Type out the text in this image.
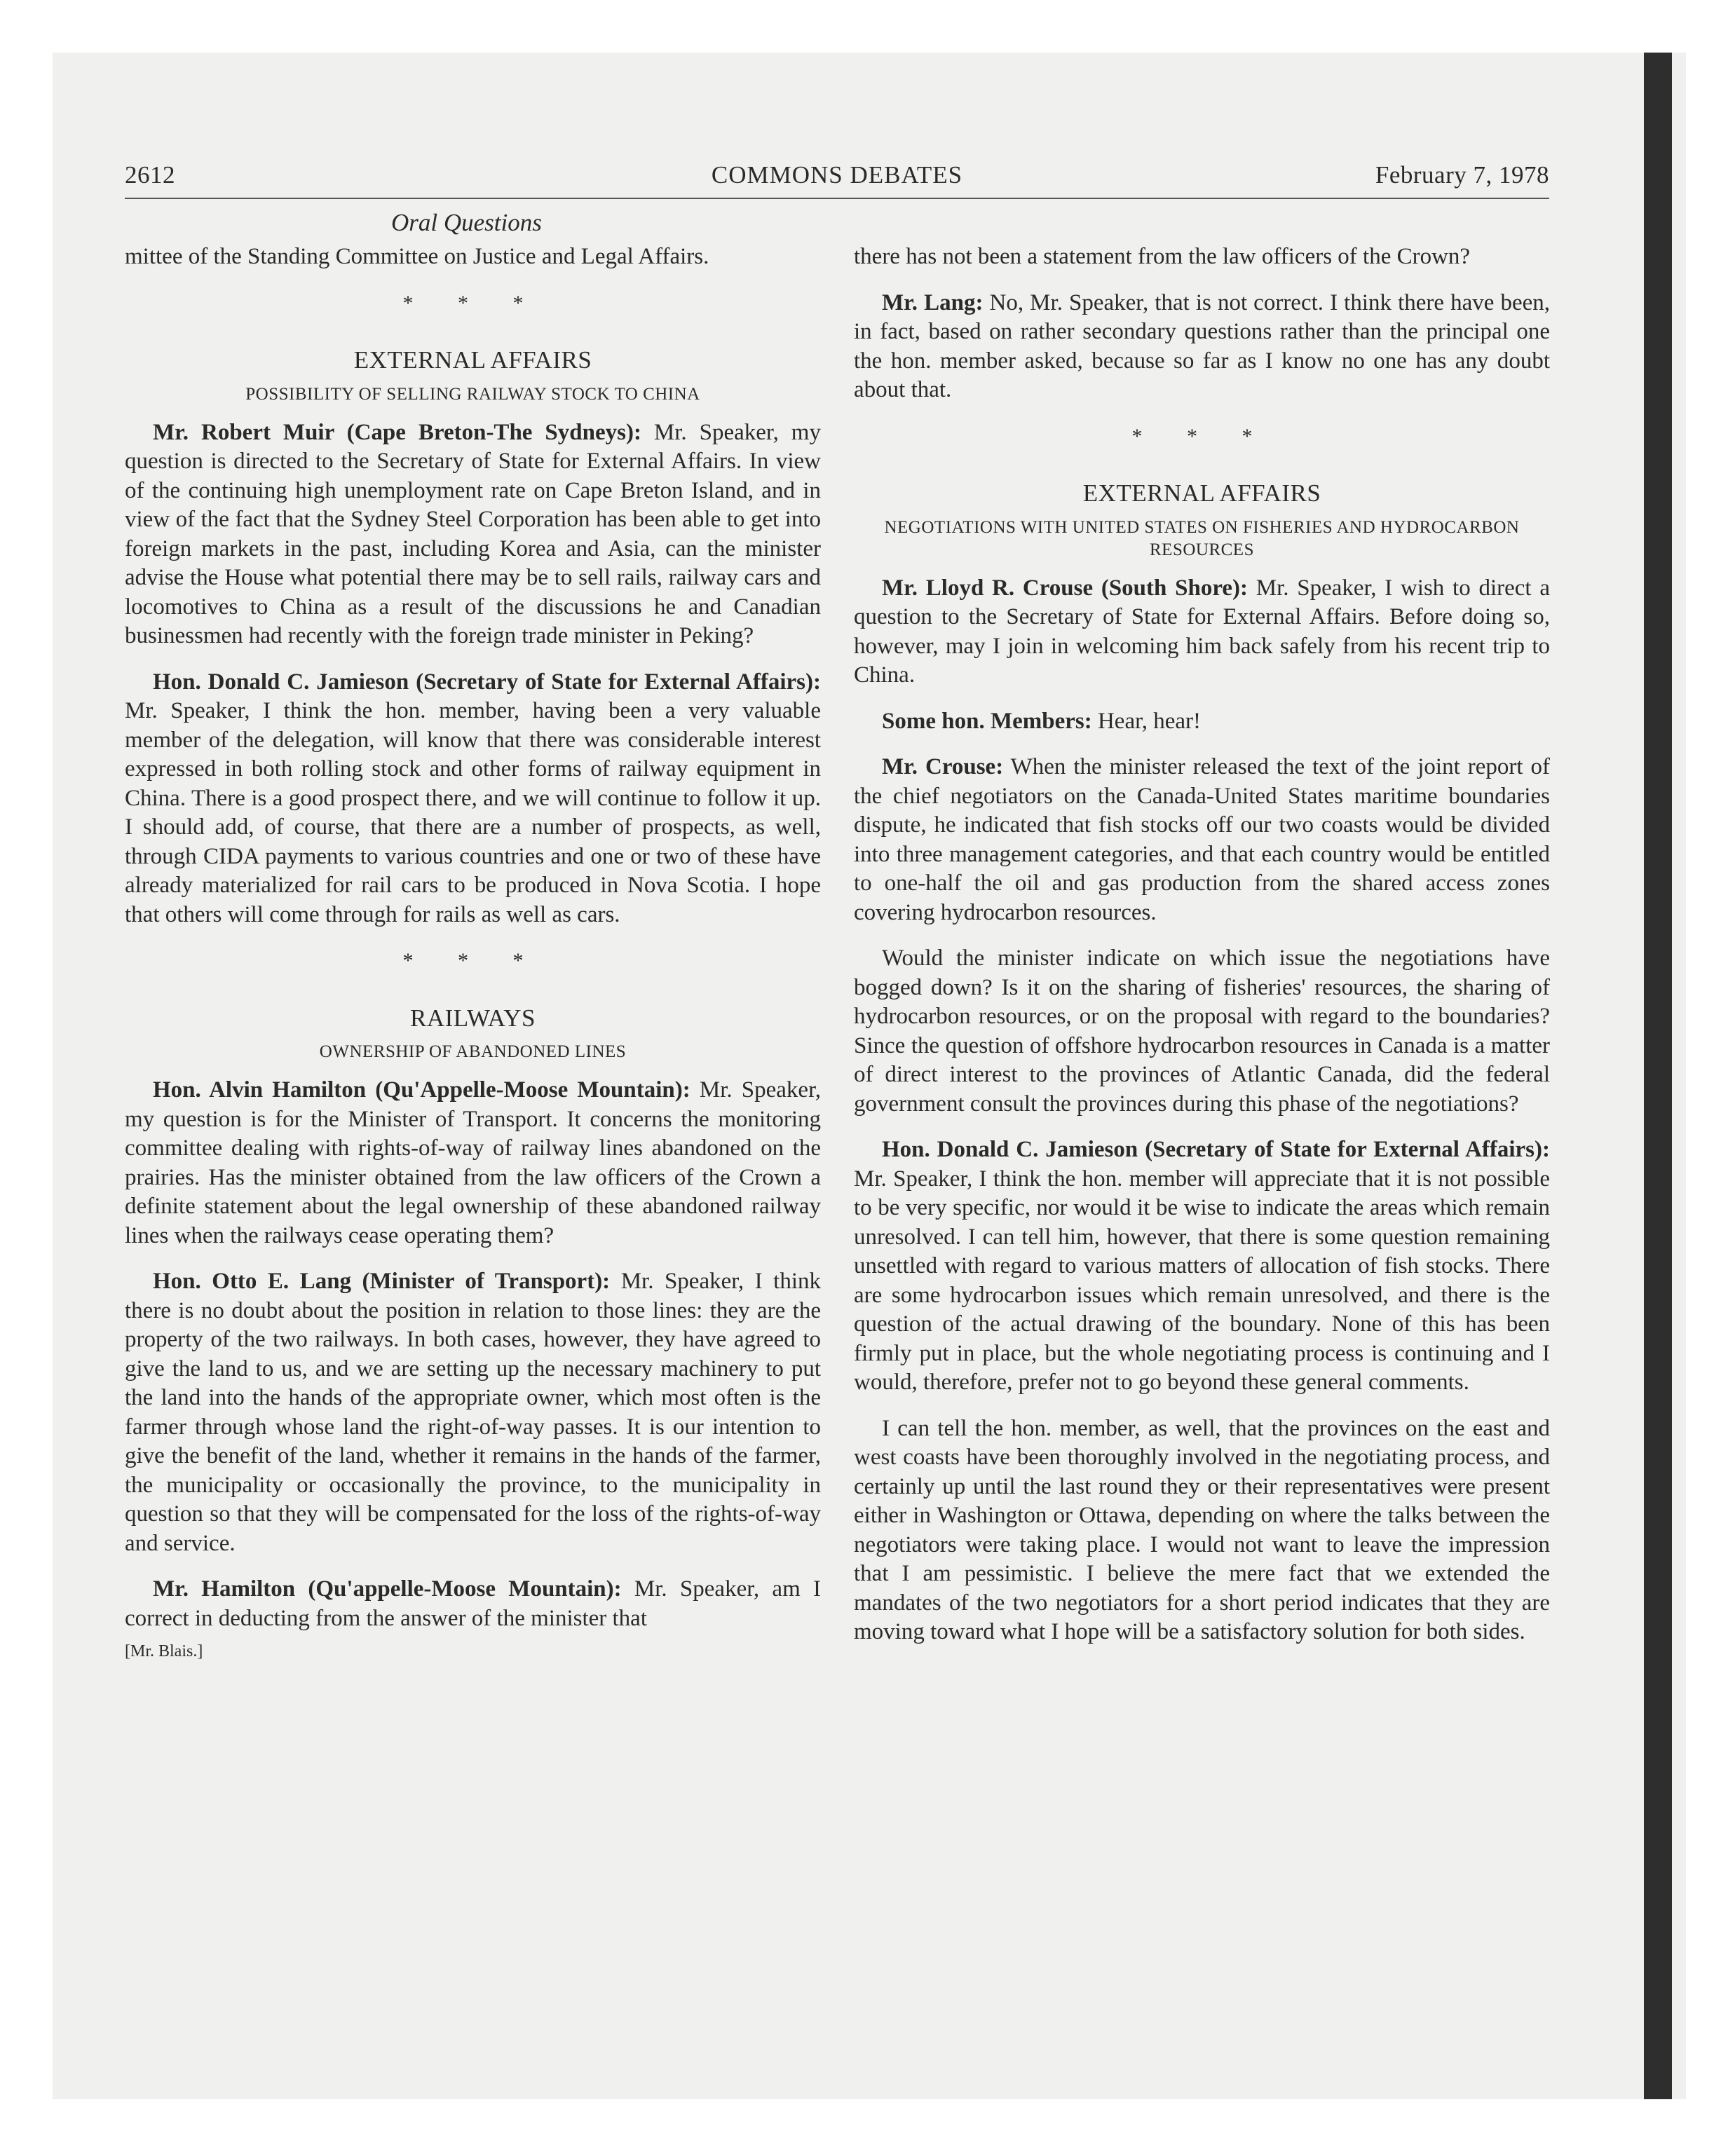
2612	COMMONS DEBATES	February 7, 1978
Oral Questions

mittee of the Standing Committee on Justice and Legal Affairs.

* * *
EXTERNAL AFFAIRS
POSSIBILITY OF SELLING RAILWAY STOCK TO CHINA

Mr. Robert Muir (Cape Breton-The Sydneys): Mr. Speaker, my question is directed to the Secretary of State for External Affairs. In view of the continuing high unemployment rate on Cape Breton Island, and in view of the fact that the Sydney Steel Corporation has been able to get into foreign markets in the past, including Korea and Asia, can the minister advise the House what potential there may be to sell rails, railway cars and locomotives to China as a result of the discussions he and Canadian businessmen had recently with the foreign trade minister in Peking?

Hon. Donald C. Jamieson (Secretary of State for External Affairs): Mr. Speaker, I think the hon. member, having been a very valuable member of the delegation, will know that there was considerable interest expressed in both rolling stock and other forms of railway equipment in China. There is a good prospect there, and we will continue to follow it up. I should add, of course, that there are a number of prospects, as well, through CIDA payments to various countries and one or two of these have already materialized for rail cars to be produced in Nova Scotia. I hope that others will come through for rails as well as cars.

* * *
RAILWAYS
OWNERSHIP OF ABANDONED LINES

Hon. Alvin Hamilton (Qu'Appelle-Moose Mountain): Mr. Speaker, my question is for the Minister of Transport. It concerns the monitoring committee dealing with rights-of-way of railway lines abandoned on the prairies. Has the minister obtained from the law officers of the Crown a definite statement about the legal ownership of these abandoned railway lines when the railways cease operating them?

Hon. Otto E. Lang (Minister of Transport): Mr. Speaker, I think there is no doubt about the position in relation to those lines: they are the property of the two railways. In both cases, however, they have agreed to give the land to us, and we are setting up the necessary machinery to put the land into the hands of the appropriate owner, which most often is the farmer through whose land the right-of-way passes. It is our intention to give the benefit of the land, whether it remains in the hands of the farmer, the municipality or occasionally the province, to the municipality in question so that they will be compensated for the loss of the rights-of-way and service.

Mr. Hamilton (Qu'appelle-Moose Mountain): Mr. Speaker, am I correct in deducting from the answer of the minister that

[Mr. Blais.]

there has not been a statement from the law officers of the Crown?

Mr. Lang: No, Mr. Speaker, that is not correct. I think there have been, in fact, based on rather secondary questions rather than the principal one the hon. member asked, because so far as I know no one has any doubt about that.

* * *
EXTERNAL AFFAIRS
NEGOTIATIONS WITH UNITED STATES ON FISHERIES AND HYDROCARBON RESOURCES

Mr. Lloyd R. Crouse (South Shore): Mr. Speaker, I wish to direct a question to the Secretary of State for External Affairs. Before doing so, however, may I join in welcoming him back safely from his recent trip to China.

Some hon. Members: Hear, hear!

Mr. Crouse: When the minister released the text of the joint report of the chief negotiators on the Canada-United States maritime boundaries dispute, he indicated that fish stocks off our two coasts would be divided into three management categories, and that each country would be entitled to one-half the oil and gas production from the shared access zones covering hydrocarbon resources.

Would the minister indicate on which issue the negotiations have bogged down? Is it on the sharing of fisheries' resources, the sharing of hydrocarbon resources, or on the proposal with regard to the boundaries? Since the question of offshore hydrocarbon resources in Canada is a matter of direct interest to the provinces of Atlantic Canada, did the federal government consult the provinces during this phase of the negotiations?

Hon. Donald C. Jamieson (Secretary of State for External Affairs): Mr. Speaker, I think the hon. member will appreciate that it is not possible to be very specific, nor would it be wise to indicate the areas which remain unresolved. I can tell him, however, that there is some question remaining unsettled with regard to various matters of allocation of fish stocks. There are some hydrocarbon issues which remain unresolved, and there is the question of the actual drawing of the boundary. None of this has been firmly put in place, but the whole negotiating process is continuing and I would, therefore, prefer not to go beyond these general comments.

I can tell the hon. member, as well, that the provinces on the east and west coasts have been thoroughly involved in the negotiating process, and certainly up until the last round they or their representatives were present either in Washington or Ottawa, depending on where the talks between the negotiators were taking place. I would not want to leave the impression that I am pessimistic. I believe the mere fact that we extended the mandates of the two negotiators for a short period indicates that they are moving toward what I hope will be a satisfactory solution for both sides.
